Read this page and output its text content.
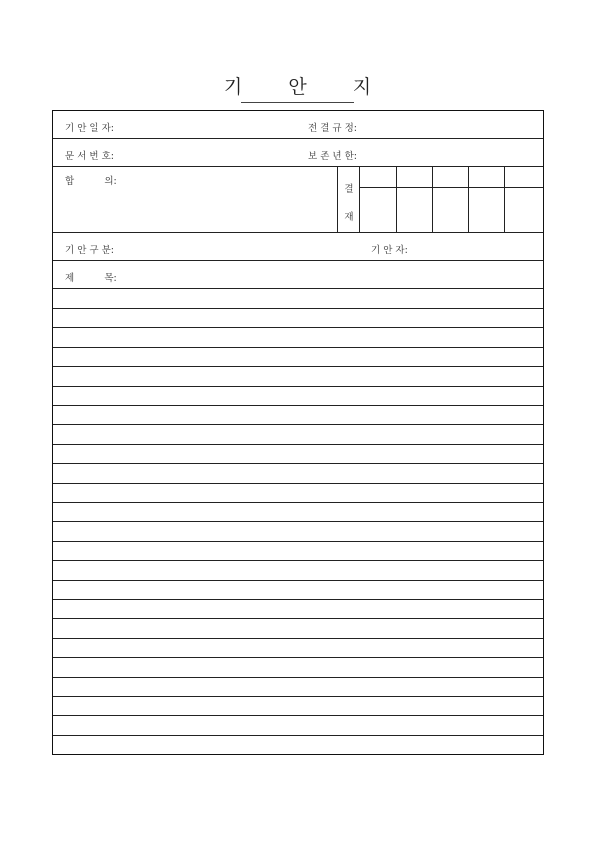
기 안 지
기 안 일 자:	전 결 규 정:
문 서 번 호:	보 존 년 한:
합          의:
결
재
기 안 구 분:	기 안 자:
제          목:
